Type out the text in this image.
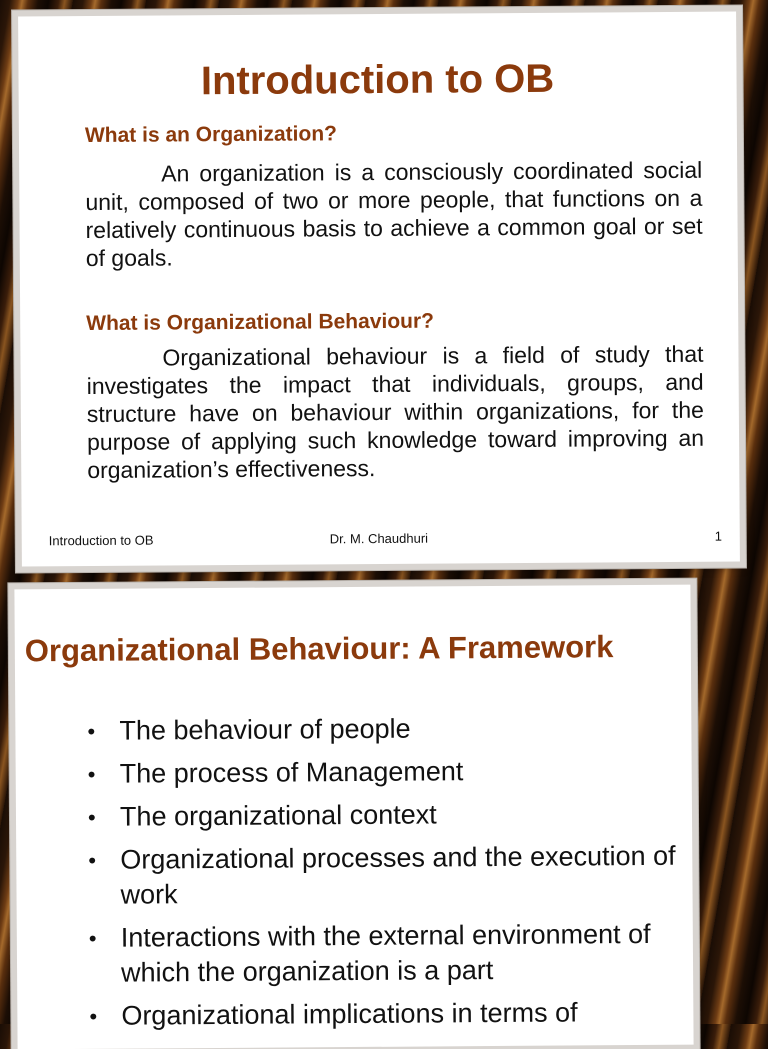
Introduction to OB
What is an Organization?
An organization is a consciously coordinated social unit, composed of two or more people, that functions on a relatively continuous basis to achieve a common goal or set of goals.
What is Organizational Behaviour?
Organizational behaviour is a field of study that investigates the impact that individuals, groups, and structure have on behaviour within organizations, for the purpose of applying such knowledge toward improving an organization’s effectiveness.
Introduction to OB	Dr. M. Chaudhuri	1
Organizational Behaviour: A Framework
• The behaviour of people
• The process of Management
• The organizational context
• Organizational processes and the execution of work
• Interactions with the external environment of which the organization is a part
• Organizational implications in terms of
